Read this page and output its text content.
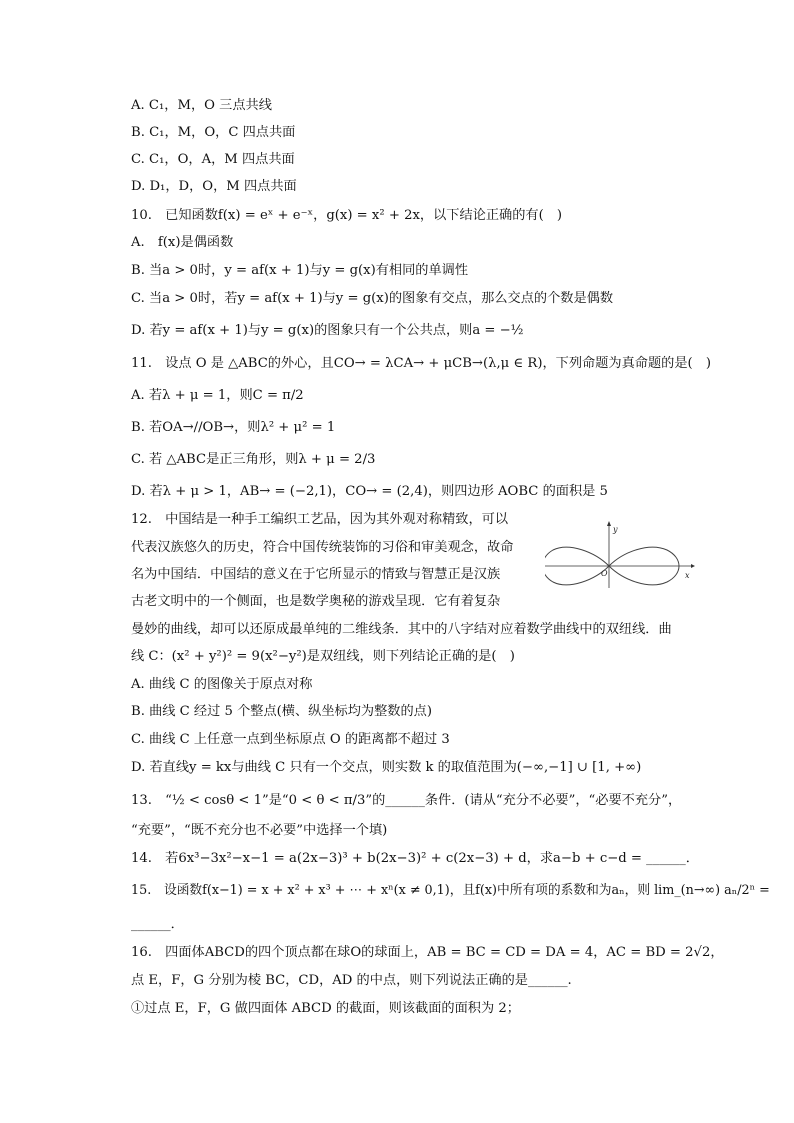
A. C₁，M，O 三点共线
B. C₁，M，O，C 四点共面
C. C₁，O，A，M 四点共面
D. D₁，D，O，M 四点共面
10.　已知函数f(x) = eˣ + e⁻ˣ，g(x) = x² + 2x，以下结论正确的有(　)
A.　f(x)是偶函数
B. 当a > 0时，y = af(x + 1)与y = g(x)有相同的单调性
C. 当a > 0时，若y = af(x + 1)与y = g(x)的图象有交点，那么交点的个数是偶数
D. 若y = af(x + 1)与y = g(x)的图象只有一个公共点，则a = −½
11.　设点 O 是 △ABC的外心，且CO→ = λCA→ + μCB→(λ,μ ∈ R)，下列命题为真命题的是(　)
A. 若λ + μ = 1，则C = π/2
B. 若OA→//OB→，则λ² + μ² = 1
C. 若 △ABC是正三角形，则λ + μ = 2/3
D. 若λ + μ > 1，AB→ = (−2,1)，CO→ = (2,4)，则四边形 AOBC 的面积是 5
12.　中国结是一种手工编织工艺品，因为其外观对称精致，可以
代表汉族悠久的历史，符合中国传统装饰的习俗和审美观念，故命
名为中国结．中国结的意义在于它所显示的情致与智慧正是汉族
古老文明中的一个侧面，也是数学奥秘的游戏呈现．它有着复杂
曼妙的曲线，却可以还原成最单纯的二维线条．其中的八字结对应着数学曲线中的双纽线．曲
线 C：(x² + y²)² = 9(x²−y²)是双纽线，则下列结论正确的是(　)
y
x
O
A. 曲线 C 的图像关于原点对称
B. 曲线 C 经过 5 个整点(横、纵坐标均为整数的点)
C. 曲线 C 上任意一点到坐标原点 O 的距离都不超过 3
D. 若直线y = kx与曲线 C 只有一个交点，则实数 k 的取值范围为(−∞,−1] ∪ [1, +∞)
13.　“½ < cosθ < 1”是“0 < θ < π/3”的______条件．(请从“充分不必要”，“必要不充分”，
“充要”，“既不充分也不必要”中选择一个填)
14.　若6x³−3x²−x−1 = a(2x−3)³ + b(2x−3)² + c(2x−3) + d，求a−b + c−d = ______．
15.　设函数f(x−1) = x + x² + x³ + ⋯ + xⁿ(x ≠ 0,1)，且f(x)中所有项的系数和为aₙ，则 lim_(n→∞) aₙ/2ⁿ =
______．
16.　四面体ABCD的四个顶点都在球O的球面上，AB = BC = CD = DA = 4，AC = BD = 2√2，
点 E，F，G 分别为棱 BC，CD，AD 的中点，则下列说法正确的是______.
①过点 E，F，G 做四面体 ABCD 的截面，则该截面的面积为 2；
